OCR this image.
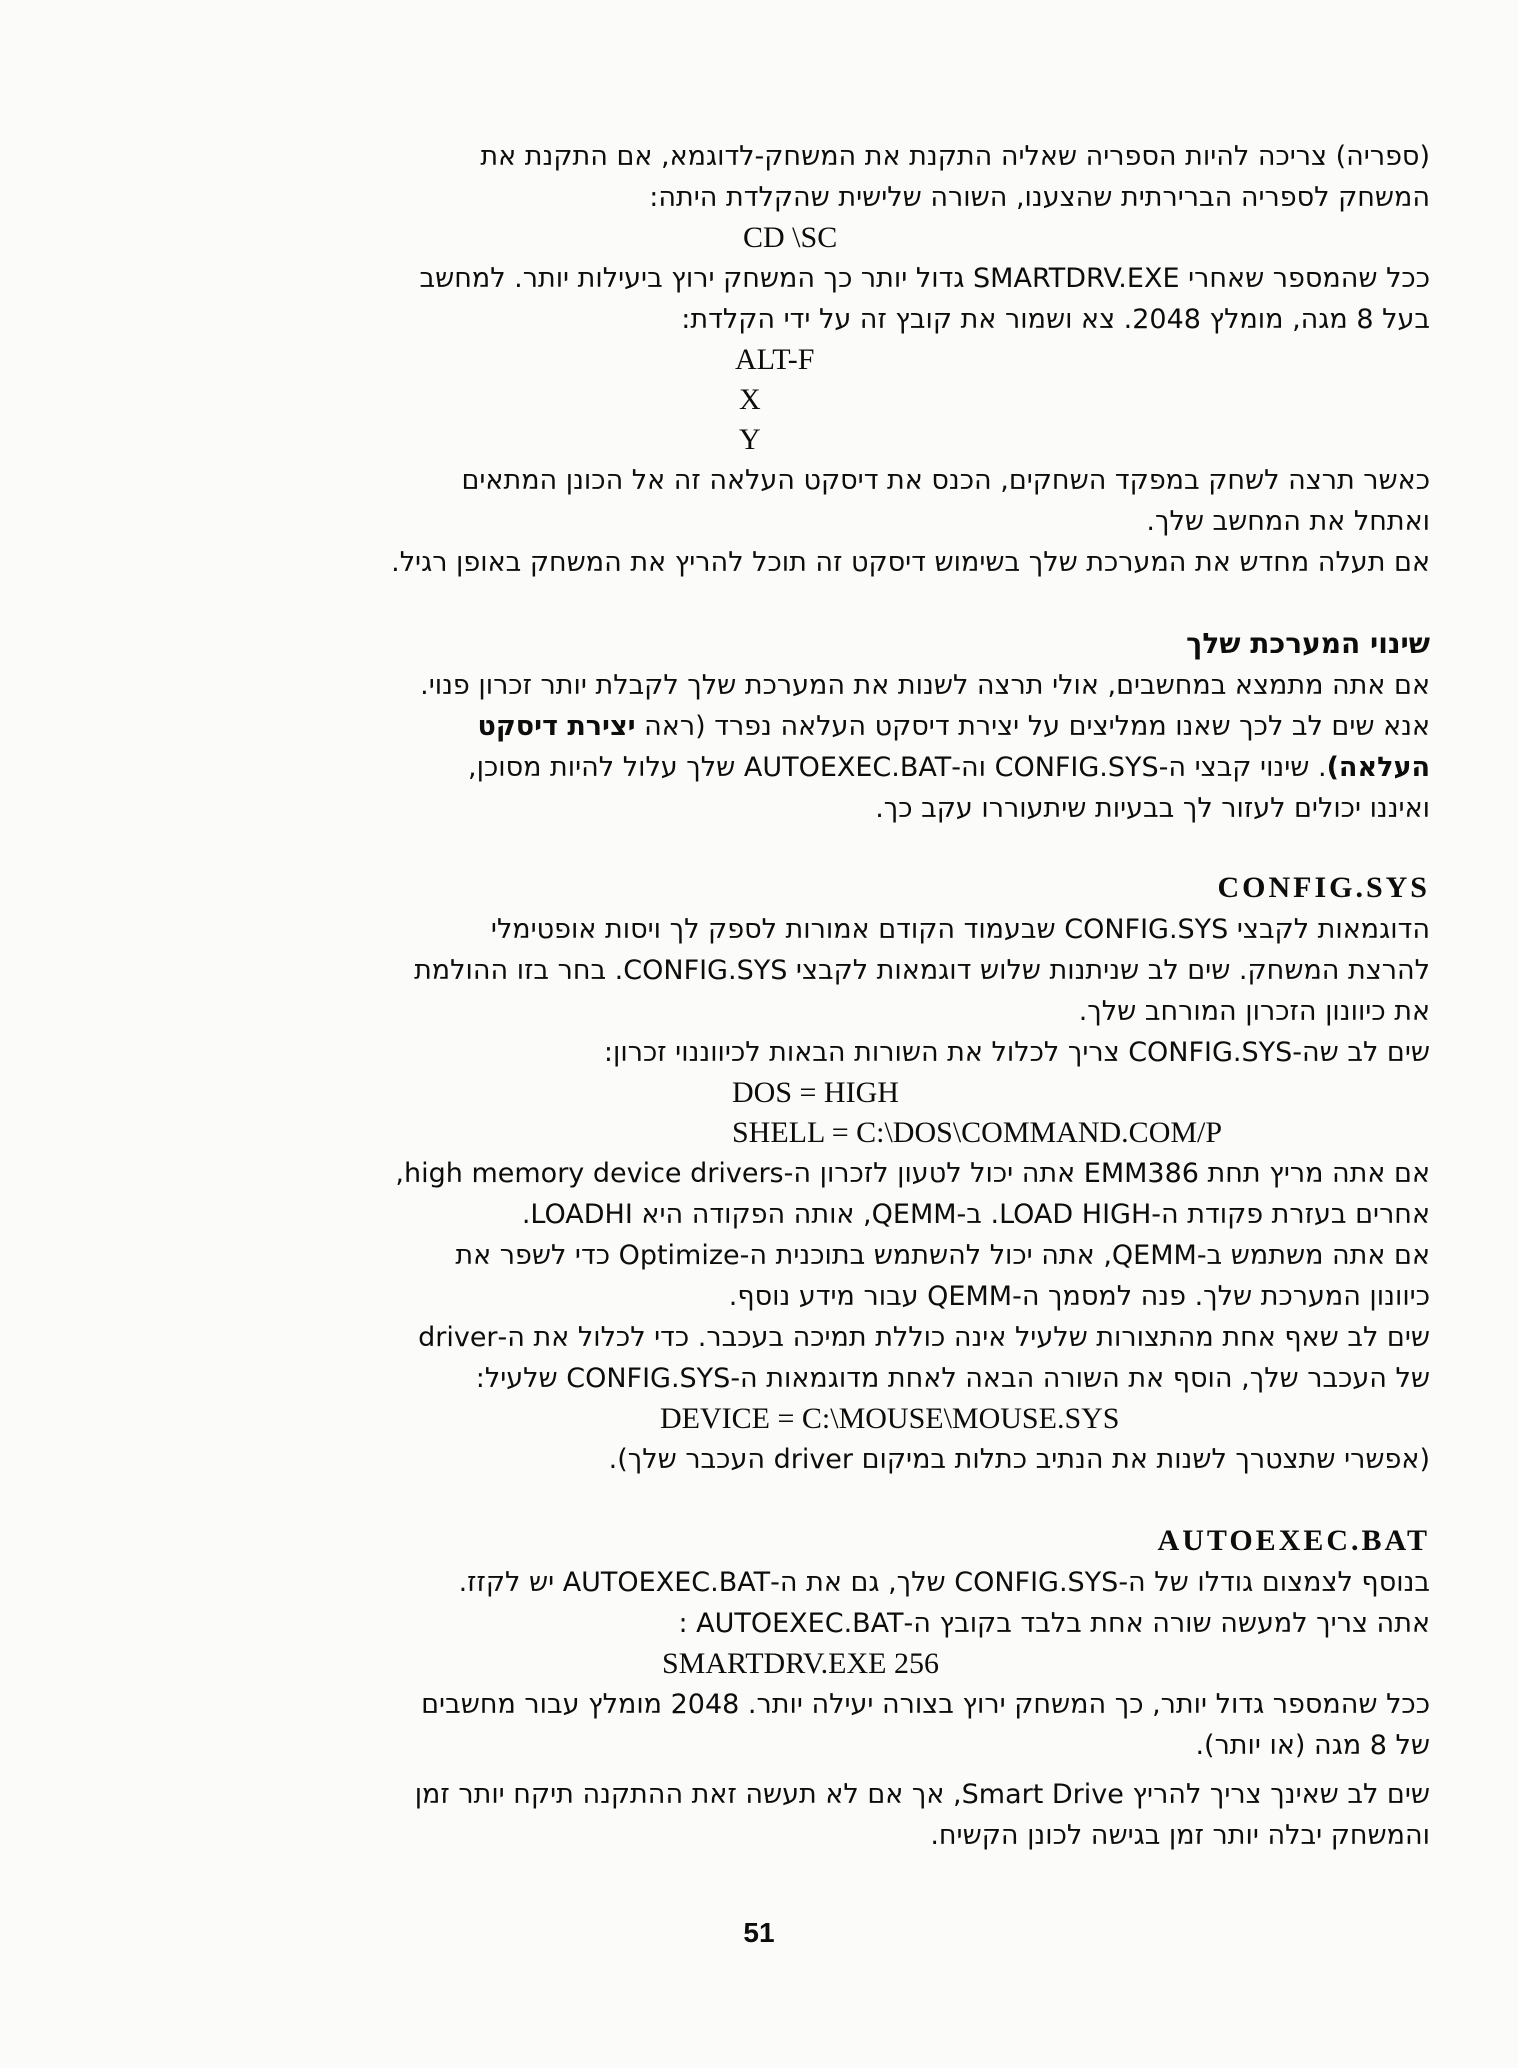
(ספריה) צריכה להיות הספריה שאליה התקנת את המשחק-לדוגמא, אם התקנת את
המשחק לספריה הברירתית שהצענו, השורה שלישית שהקלדת היתה:

CD \SC

ככל שהמספר שאחרי SMARTDRV.EXE גדול יותר כך המשחק ירוץ ביעילות יותר. למחשב
בעל 8 מגה, מומלץ 2048. צא ושמור את קובץ זה על ידי הקלדת:

ALT-F
X
Y

כאשר תרצה לשחק במפקד השחקים, הכנס את דיסקט העלאה זה אל הכונן המתאים
ואתחל את המחשב שלך.
אם תעלה מחדש את המערכת שלך בשימוש דיסקט זה תוכל להריץ את המשחק באופן רגיל.

שינוי המערכת שלך

אם אתה מתמצא במחשבים, אולי תרצה לשנות את המערכת שלך לקבלת יותר זכרון פנוי.
אנא שים לב לכך שאנו ממליצים על יצירת דיסקט העלאה נפרד (ראה יצירת דיסקט
העלאה). שינוי קבצי ה-CONFIG.SYS וה-AUTOEXEC.BAT שלך עלול להיות מסוכן,
ואיננו יכולים לעזור לך בבעיות שיתעוררו עקב כך.

CONFIG.SYS

הדוגמאות לקבצי CONFIG.SYS שבעמוד הקודם אמורות לספק לך ויסות אופטימלי
להרצת המשחק. שים לב שניתנות שלוש דוגמאות לקבצי CONFIG.SYS. בחר בזו ההולמת
את כיוונון הזכרון המורחב שלך.
שים לב שה-CONFIG.SYS צריך לכלול את השורות הבאות לכיווננוי זכרון:

DOS = HIGH
SHELL = C:\DOS\COMMAND.COM/P

אם אתה מריץ תחת EMM386 אתה יכול לטעון לזכרון ה-high memory device drivers,
אחרים בעזרת פקודת ה-LOAD HIGH. ב-QEMM, אותה הפקודה היא LOADHI.
אם אתה משתמש ב-QEMM, אתה יכול להשתמש בתוכנית ה-Optimize כדי לשפר את
כיוונון המערכת שלך. פנה למסמך ה-QEMM עבור מידע נוסף.
שים לב שאף אחת מהתצורות שלעיל אינה כוללת תמיכה בעכבר. כדי לכלול את ה-driver
של העכבר שלך, הוסף את השורה הבאה לאחת מדוגמאות ה-CONFIG.SYS שלעיל:

DEVICE = C:\MOUSE\MOUSE.SYS

(אפשרי שתצטרך לשנות את הנתיב כתלות במיקום driver העכבר שלך).

AUTOEXEC.BAT

בנוסף לצמצום גודלו של ה-CONFIG.SYS שלך, גם את ה-AUTOEXEC.BAT יש לקזז.
אתה צריך למעשה שורה אחת בלבד בקובץ ה-AUTOEXEC.BAT :

SMARTDRV.EXE 256

ככל שהמספר גדול יותר, כך המשחק ירוץ בצורה יעילה יותר. 2048 מומלץ עבור מחשבים
של 8 מגה (או יותר).

שים לב שאינך צריך להריץ Smart Drive, אך אם לא תעשה זאת ההתקנה תיקח יותר זמן
והמשחק יבלה יותר זמן בגישה לכונן הקשיח.

51
